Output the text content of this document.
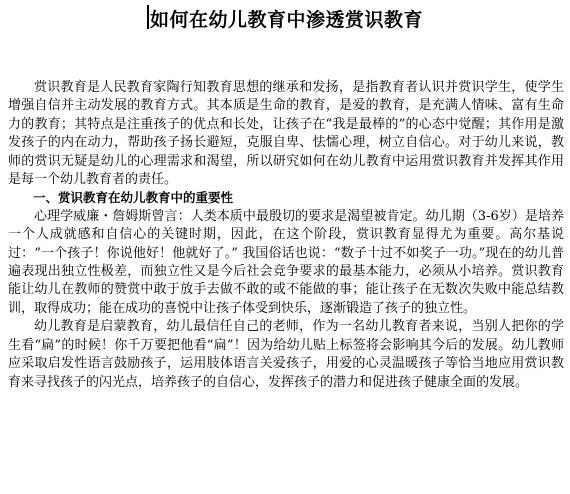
如何在幼儿教育中渗透赏识教育

赏识教育是人民教育家陶行知教育思想的继承和发扬，是指教育者认识并赏识学生，使学生增强自信并主动发展的教育方式。其本质是生命的教育，是爱的教育，是充满人情味、富有生命力的教育；其特点是注重孩子的优点和长处，让孩子在“我是最棒的”的心态中觉醒；其作用是激发孩子的内在动力，帮助孩子扬长避短，克服自卑、怯懦心理，树立自信心。对于幼儿来说，教师的赏识无疑是幼儿的心理需求和渴望，所以研究如何在幼儿教育中运用赏识教育并发挥其作用是每一个幼儿教育者的责任。

一、赏识教育在幼儿教育中的重要性

心理学威廉・詹姆斯曾言：人类本质中最殷切的要求是渴望被肯定。幼儿期（3-6岁）是培养一个人成就感和自信心的关键时期，因此，在这个阶段，赏识教育显得尤为重要。高尔基说过：“一个孩子！你说他好！他就好了。” 我国俗话也说：“数子十过不如奖子一功。”现在的幼儿普遍表现出独立性极差，而独立性又是今后社会竞争要求的最基本能力，必须从小培养。赏识教育能让幼儿在教师的赞赏中敢于放手去做不敢的或不能做的事；能让孩子在无数次失败中能总结教训，取得成功；能在成功的喜悦中让孩子体受到快乐，逐渐锻造了孩子的独立性。

幼儿教育是启蒙教育，幼儿最信任自己的老师，作为一名幼儿教育者来说，当别人把你的学生看“扁”的时候！你千万要把他看“扁”！因为给幼儿贴上标签将会影响其今后的发展。幼儿教师应采取启发性语言鼓励孩子，运用肢体语言关爱孩子，用爱的心灵温暖孩子等恰当地应用赏识教育来寻找孩子的闪光点，培养孩子的自信心，发挥孩子的潜力和促进孩子健康全面的发展。
